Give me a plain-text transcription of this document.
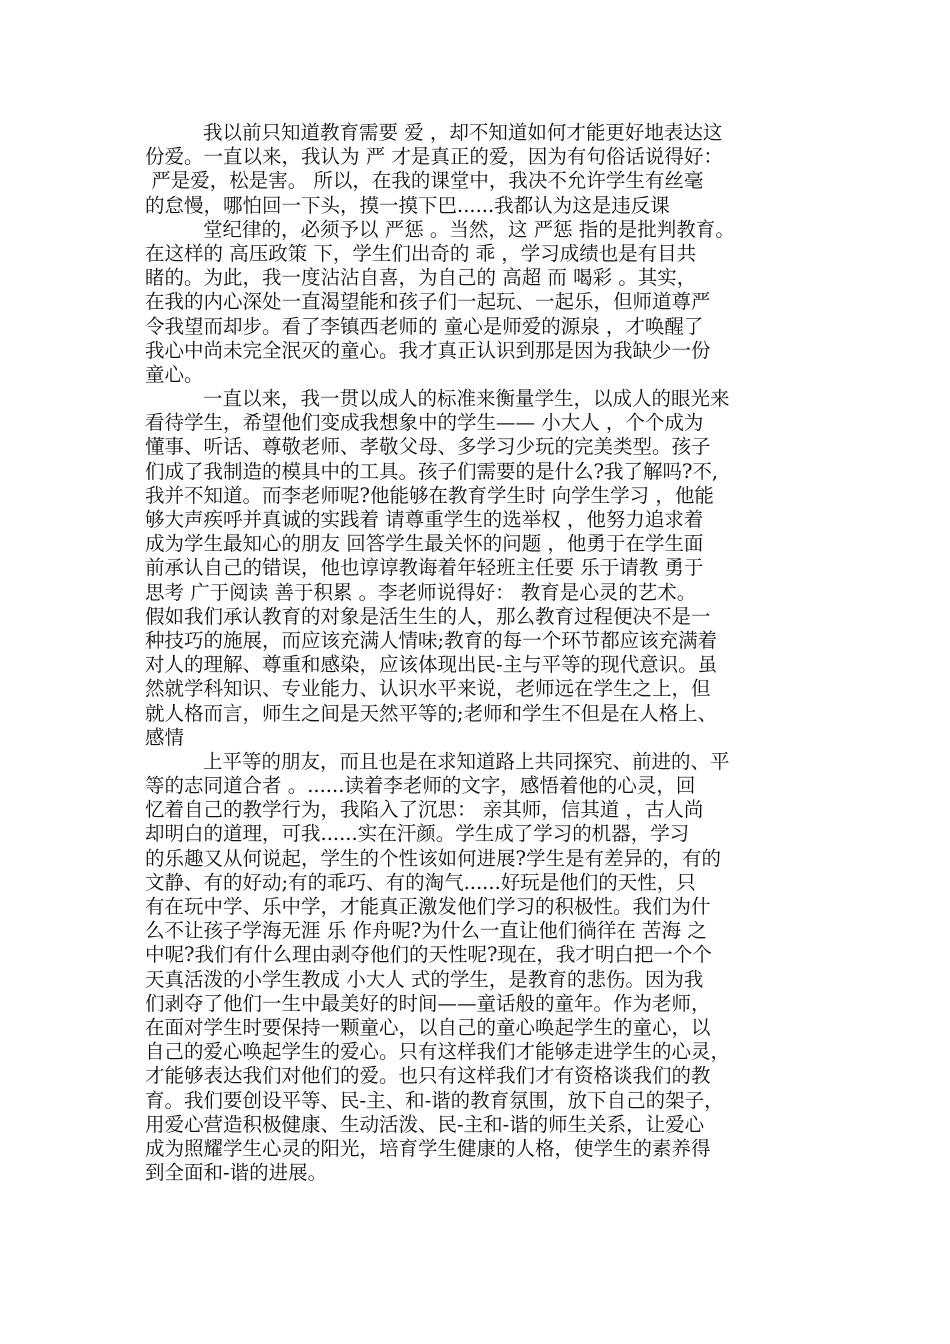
我以前只知道教育需要 爱 ，却不知道如何才能更好地表达这
份爱。一直以来，我认为 严 才是真正的爱，因为有句俗话说得好：
严是爱，松是害。 所以，在我的课堂中，我决不允许学生有丝毫
的怠慢，哪怕回一下头，摸一摸下巴......我都认为这是违反课
堂纪律的，必须予以 严惩 。当然，这 严惩 指的是批判教育。
在这样的 高压政策 下，学生们出奇的 乖 ，学习成绩也是有目共
睹的。为此，我一度沾沾自喜，为自己的 高超 而 喝彩 。其实，
在我的内心深处一直渴望能和孩子们一起玩、一起乐，但师道尊严
令我望而却步。看了李镇西老师的 童心是师爱的源泉 ，才唤醒了
我心中尚未完全泯灭的童心。我才真正认识到那是因为我缺少一份
童心。
一直以来，我一贯以成人的标准来衡量学生，以成人的眼光来
看待学生，希望他们变成我想象中的学生—— 小大人 ，个个成为
懂事、听话、尊敬老师、孝敬父母、多学习少玩的完美类型。孩子
们成了我制造的模具中的工具。孩子们需要的是什么?我了解吗?不,
我并不知道。而李老师呢?他能够在教育学生时 向学生学习 ，他能
够大声疾呼并真诚的实践着 请尊重学生的选举权 ，他努力追求着
成为学生最知心的朋友 回答学生最关怀的问题 ，他勇于在学生面
前承认自己的错误，他也谆谆教诲着年轻班主任要 乐于请教 勇于
思考 广于阅读 善于积累 。李老师说得好： 教育是心灵的艺术。
假如我们承认教育的对象是活生生的人，那么教育过程便决不是一
种技巧的施展，而应该充满人情味;教育的每一个环节都应该充满着
对人的理解、尊重和感染，应该体现出民-主与平等的现代意识。虽
然就学科知识、专业能力、认识水平来说，老师远在学生之上，但
就人格而言，师生之间是天然平等的;老师和学生不但是在人格上、
感情
上平等的朋友，而且也是在求知道路上共同探究、前进的、平
等的志同道合者 。......读着李老师的文字，感悟着他的心灵，回
忆着自己的教学行为，我陷入了沉思： 亲其师，信其道 ，古人尚
却明白的道理，可我......实在汗颜。学生成了学习的机器，学习
的乐趣又从何说起，学生的个性该如何进展?学生是有差异的，有的
文静、有的好动;有的乖巧、有的淘气......好玩是他们的天性，只
有在玩中学、乐中学，才能真正激发他们学习的积极性。我们为什
么不让孩子学海无涯 乐 作舟呢?为什么一直让他们徜徉在 苦海 之
中呢?我们有什么理由剥夺他们的天性呢?现在，我才明白把一个个
天真活泼的小学生教成 小大人 式的学生，是教育的悲伤。因为我
们剥夺了他们一生中最美好的时间——童话般的童年。作为老师，
在面对学生时要保持一颗童心，以自己的童心唤起学生的童心，以
自己的爱心唤起学生的爱心。只有这样我们才能够走进学生的心灵，
才能够表达我们对他们的爱。也只有这样我们才有资格谈我们的教
育。我们要创设平等、民-主、和-谐的教育氛围，放下自己的架子，
用爱心营造积极健康、生动活泼、民-主和-谐的师生关系，让爱心
成为照耀学生心灵的阳光，培育学生健康的人格，使学生的素养得
到全面和-谐的进展。
